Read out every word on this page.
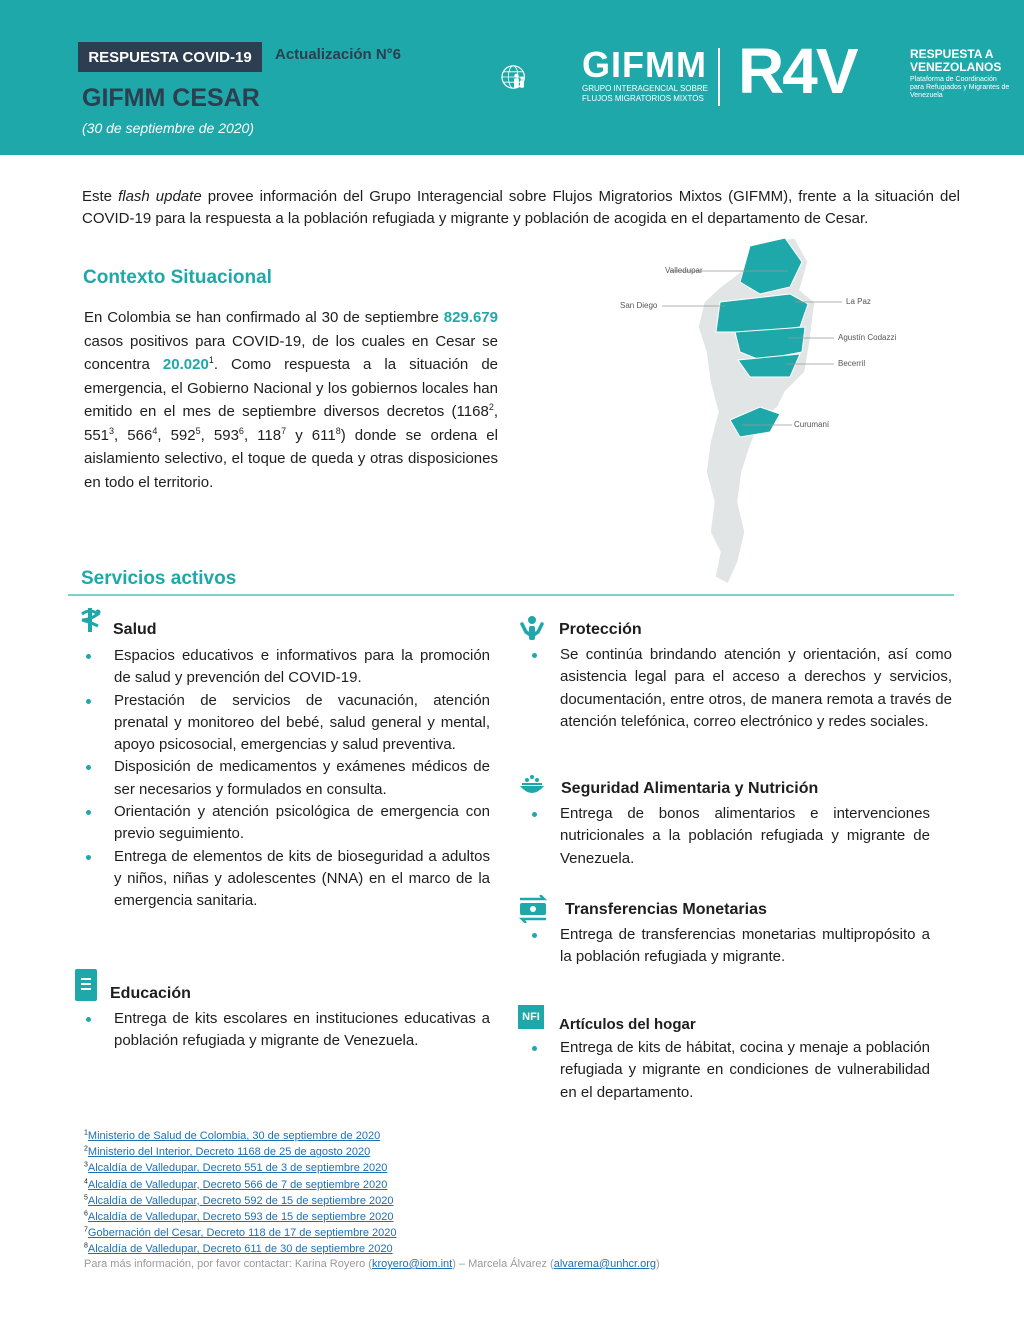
RESPUESTA COVID-19	Actualización N°6
GIFMM CESAR
(30 de septiembre de 2020)
GIFMM
GRUPO INTERAGENCIAL SOBRE FLUJOS MIGRATORIOS MIXTOS R4V	RESPUESTA A VENEZOLANOS
Plataforma de Coordinación para Refugiados y Migrantes de Venezuela

Este flash update provee información del Grupo Interagencial sobre Flujos Migratorios Mixtos (GIFMM), frente a la situación del COVID-19 para la respuesta a la población refugiada y migrante y población de acogida en el departamento de Cesar.

Contexto Situacional

En Colombia se han confirmado al 30 de septiembre 829.679 casos positivos para COVID-19, de los cuales en Cesar se concentra 20.020$^1$. Como respuesta a la situación de emergencia, el Gobierno Nacional y los gobiernos locales han emitido en el mes de septiembre diversos decretos (1168$^2$, $551^3$, $566^4$, $592^5$, $593^6$, $118^7$ y $611^8$) donde se ordena el aislamiento selectivo, el toque de queda y otras disposiciones en todo el territorio.

Valledupar
San Diego	La Paz
Agustín Codazzi
Becerril
Curumaní
Servicios activos
Salud
Espacios educativos e informativos para la promoción de salud y prevención del COVID-19.
Prestación de servicios de vacunación, atención prenatal y monitoreo del bebé, salud general y mental, apoyo psicosocial, emergencias y salud preventiva.
Disposición de medicamentos y exámenes médicos de ser necesarios y formulados en consulta.
Orientación y atención psicológica de emergencia con previo seguimiento.
Entrega de elementos de kits de bioseguridad a adultos y niños, niñas y adolescentes (NNA) en el marco de la emergencia sanitaria.
Educación
Entrega de kits escolares en instituciones educativas a población refugiada y migrante de Venezuela.
Protección
Se continúa brindando atención y orientación, así como asistencia legal para el acceso a derechos y servicios, documentación, entre otros, de manera remota a través de atención telefónica, correo electrónico y redes sociales.
Seguridad Alimentaria y Nutrición
Entrega de bonos alimentarios e intervenciones nutricionales a la población refugiada y migrante de Venezuela.
Transferencias Monetarias
Entrega de transferencias monetarias multipropósito a la población refugiada y migrante.
NFI Artículos del hogar
Entrega de kits de hábitat, cocina y menaje a población refugiada y migrante en condiciones de vulnerabilidad en el departamento.
$^1$Ministerio de Salud de Colombia, 30 de septiembre de 2020
$^2$Ministerio del Interior, Decreto 1168 de 25 de agosto 2020
$^3$Alcaldía de Valledupar, Decreto 551 de 3 de septiembre 2020
$^4$Alcaldía de Valledupar, Decreto 566 de 7 de septiembre 2020
$^5$Alcaldía de Valledupar, Decreto 592 de 15 de septiembre 2020
$^6$Alcaldía de Valledupar, Decreto 593 de 15 de septiembre 2020
$^7$Gobernación del Cesar, Decreto 118 de 17 de septiembre 2020
$^8$Alcaldía de Valledupar, Decreto 611 de 30 de septiembre 2020
Para más información, por favor contactar: Karina Royero (kroyero@iom.int) – Marcela Álvarez (alvarema@unhcr.org)
